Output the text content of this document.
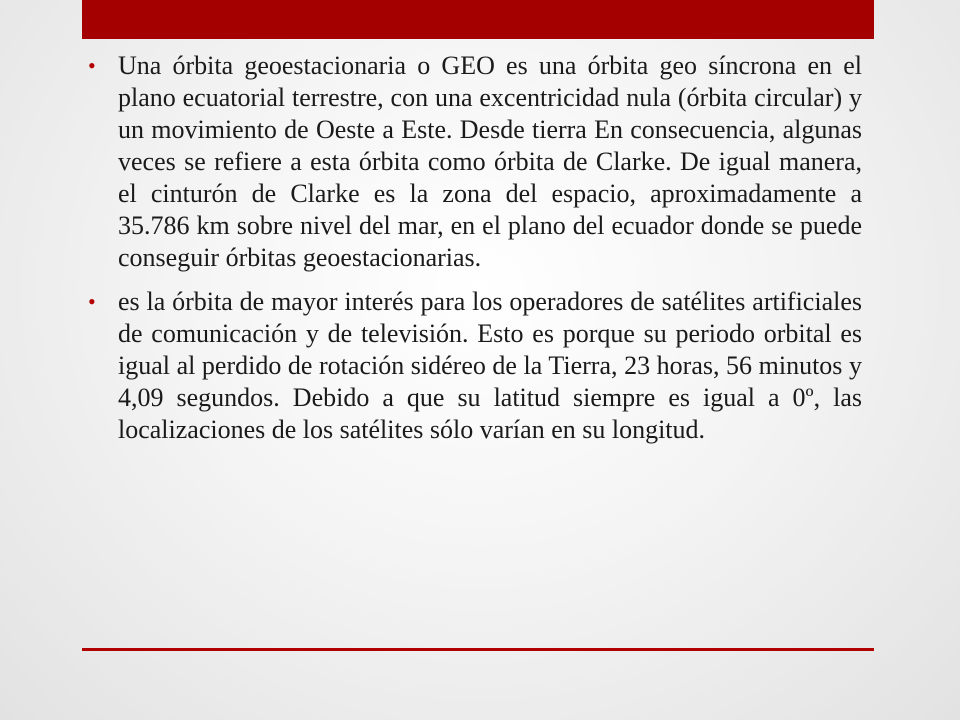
• Una órbita geoestacionaria o GEO es una órbita geo síncrona en el plano ecuatorial terrestre, con una excentricidad nula (órbita circular) y un movimiento de Oeste a Este. Desde tierra En consecuencia, algunas veces se refiere a esta órbita como órbita de Clarke. De igual manera, el cinturón de Clarke es la zona del espacio, aproximadamente a 35.786 km sobre nivel del mar, en el plano del ecuador donde se puede conseguir órbitas geoestacionarias.
• es la órbita de mayor interés para los operadores de satélites artificiales de comunicación y de televisión. Esto es porque su periodo orbital es igual al perdido de rotación sidéreo de la Tierra, 23 horas, 56 minutos y 4,09 segundos. Debido a que su latitud siempre es igual a 0º, las localizaciones de los satélites sólo varían en su longitud.
